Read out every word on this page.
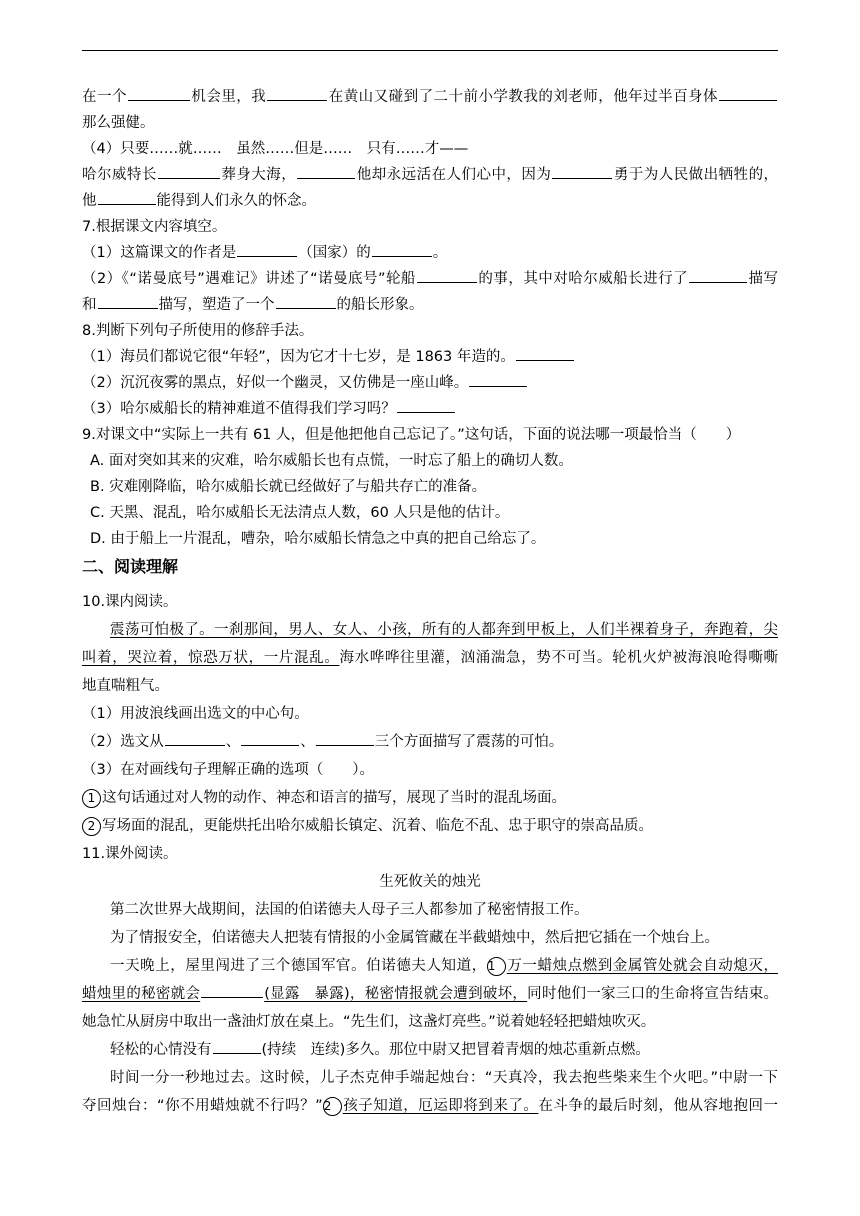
在一个	机会里，我	在黄山又碰到了二十前小学教我的刘老师，他年过半百身体
那么强健。
（4）只要……就……　虽然……但是……　只有……才——
哈尔威特长	葬身大海，	他却永远活在人们心中，因为	勇于为人民做出牺牲的，
他	能得到人们永久的怀念。
7.根据课文内容填空。
（1）这篇课文的作者是	（国家）的	。
（2）《“诺曼底号”遇难记》讲述了“诺曼底号”轮船	的事，其中对哈尔威船长进行了	描写
和	描写，塑造了一个	的船长形象。
8.判断下列句子所使用的修辞手法。
（1）海员们都说它很“年轻”，因为它才十七岁，是 1863 年造的。
（2）沉沉夜雾的黑点，好似一个幽灵，又仿佛是一座山峰。
（3）哈尔威船长的精神难道不值得我们学习吗？
9.对课文中“实际上一共有 61 人，但是他把他自己忘记了。”这句话，下面的说法哪一项最恰当（　　）
A. 面对突如其来的灾难，哈尔威船长也有点慌，一时忘了船上的确切人数。
B. 灾难刚降临，哈尔威船长就已经做好了与船共存亡的准备。
C. 天黑、混乱，哈尔威船长无法清点人数，60 人只是他的估计。
D. 由于船上一片混乱，嘈杂，哈尔威船长情急之中真的把自己给忘了。
二、阅读理解
10.课内阅读。
震荡可怕极了。一刹那间，男人、女人、小孩，所有的人都奔到甲板上，人们半裸着身子，奔跑着，尖
叫着，哭泣着，惊恐万状，一片混乱。海水哗哗往里灌，汹涌湍急，势不可当。轮机火炉被海浪呛得嘶嘶
地直喘粗气。
（1）用波浪线画出选文的中心句。
（2）选文从	、	、	三个方面描写了震荡的可怕。
（3）在对画线句子理解正确的选项（　　）。
1 这句话通过对人物的动作、神态和语言的描写，展现了当时的混乱场面。
2 写场面的混乱，更能烘托出哈尔威船长镇定、沉着、临危不乱、忠于职守的崇高品质。
11.课外阅读。
生死攸关的烛光
第二次世界大战期间，法国的伯诺德夫人母子三人都参加了秘密情报工作。
为了情报安全，伯诺德夫人把装有情报的小金属管藏在半截蜡烛中，然后把它插在一个烛台上。
一天晚上，屋里闯进了三个德国军官。伯诺德夫人知道，1 万一蜡烛点燃到金属管处就会自动熄灭，
蜡烛里的秘密就会	(显露　暴露)，秘密情报就会遭到破坏，同时他们一家三口的生命将宣告结束。
她急忙从厨房中取出一盏油灯放在桌上。“先生们，这盏灯亮些。”说着她轻轻把蜡烛吹灭。
轻松的心情没有	(持续　连续)多久。那位中尉又把冒着青烟的烛芯重新点燃。
时间一分一秒地过去。这时候，儿子杰克伸手端起烛台：“天真冷，我去抱些柴来生个火吧。”中尉一下
夺回烛台：“你不用蜡烛就不行吗？”2 孩子知道，厄运即将到来了。在斗争的最后时刻，他从容地抱回一
